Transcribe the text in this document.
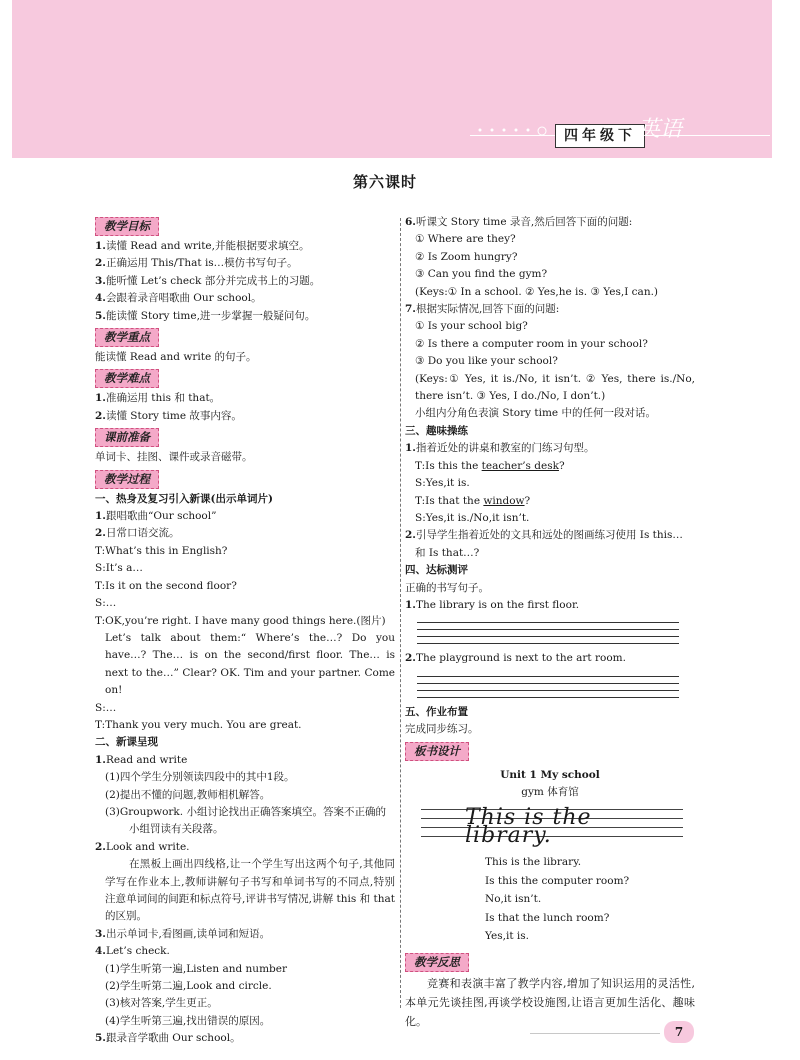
四年级下 英语
第六课时
教学目标
1.读懂 Read and write,并能根据要求填空。
2.正确运用 This/That is…模仿书写句子。
3.能听懂 Let’s check 部分并完成书上的习题。
4.会跟着录音唱歌曲 Our school。
5.能读懂 Story time,进一步掌握一般疑问句。
教学重点
能读懂 Read and write 的句子。
教学难点
1.准确运用 this 和 that。
2.读懂 Story time 故事内容。
课前准备
单词卡、挂图、课件或录音磁带。
教学过程
一、热身及复习引入新课(出示单词片)
1.跟唱歌曲“Our school”
2.日常口语交流。
T:What’s this in English?
S:It’s a…
T:Is it on the second floor?
S:…
T:OK,you’re right. I have many good things here.(图片)
Let’s talk about them:“ Where’s the…? Do you have…? The… is on the second/first floor. The… is next to the…” Clear? OK. Tim and your partner. Come on!
S:…
T:Thank you very much. You are great.
二、新课呈现
1.Read and write
(1)四个学生分别领读四段中的其中1段。
(2)提出不懂的问题,教师相机解答。
(3)Groupwork. 小组讨论找出正确答案填空。答案不正确的小组罚读有关段落。
2.Look and write.
在黑板上画出四线格,让一个学生写出这两个句子,其他同学写在作业本上,教师讲解句子书写和单词书写的不同点,特别注意单词间的间距和标点符号,评讲书写情况,讲解 this 和 that 的区别。
3.出示单词卡,看图画,读单词和短语。
4.Let’s check.
(1)学生听第一遍,Listen and number
(2)学生听第二遍,Look and circle.
(3)核对答案,学生更正。
(4)学生听第三遍,找出错误的原因。
5.跟录音学歌曲 Our school。
6.听课文 Story time 录音,然后回答下面的问题:
① Where are they?
② Is Zoom hungry?
③ Can you find the gym?
(Keys:① In a school. ② Yes,he is. ③ Yes,I can.)
7.根据实际情况,回答下面的问题:
① Is your school big?
② Is there a computer room in your school?
③ Do you like your school?
(Keys:① Yes, it is./No, it isn’t. ② Yes, there is./No, there isn’t. ③ Yes, I do./No, I don’t.)
小组内分角色表演 Story time 中的任何一段对话。
三、趣味操练
1.指着近处的讲桌和教室的门练习句型。
T:Is this the teacher’s desk?
S:Yes,it is.
T:Is that the window?
S:Yes,it is./No,it isn’t.
2.引导学生指着近处的文具和远处的图画练习使用 Is this… 和 Is that…?
四、达标测评
正确的书写句子。
1.The library is on the first floor.
2.The playground is next to the art room.
五、作业布置
完成同步练习。
板书设计
Unit 1 My school
gym 体育馆
This is the library.
This is the library.
Is this the computer room?
No,it isn’t.
Is that the lunch room?
Yes,it is.
教学反思
竞赛和表演丰富了教学内容,增加了知识运用的灵活性,本单元先谈挂图,再谈学校设施图,让语言更加生活化、趣味化。
7
